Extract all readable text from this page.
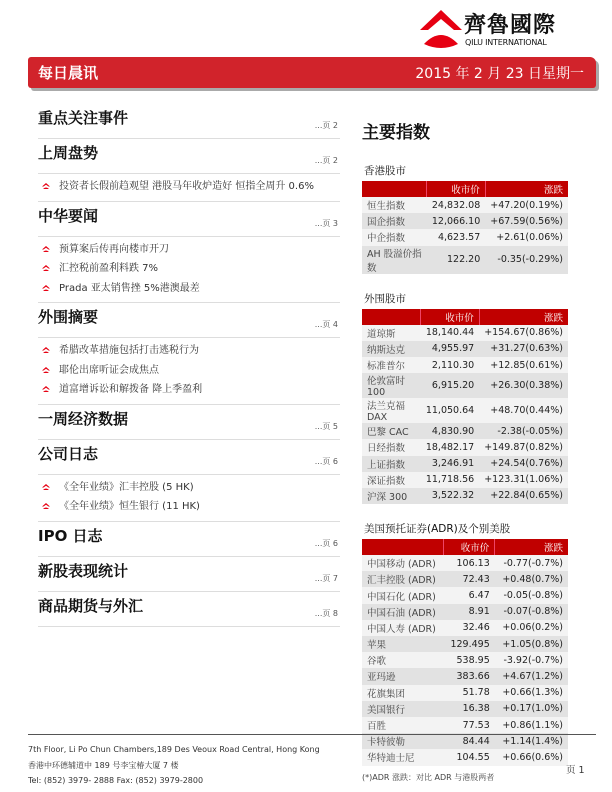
齊魯國際
QILU INTERNATIONAL
每日晨讯	2015 年 2 月 23 日星期一
重点关注事件	...页 2
上周盘势	...页 2
投资者长假前趋观望 港股马年收炉造好 恒指全周升 0.6%
中华要闻	...页 3
预算案后传再向楼市开刀
汇控税前盈利料跌 7%
Prada 亚太销售挫 5%港澳最差
外围摘要	...页 4
希腊改革措施包括打击逃税行为
耶伦出席听证会成焦点
道富增诉讼和解拨备 降上季盈利
一周经济数据	...页 5
公司日志	...页 6
《全年业绩》汇丰控股 (5 HK)
《全年业绩》恒生银行 (11 HK)
IPO 日志	...页 6
新股表现统计	...页 7
商品期货与外汇	...页 8
主要指数
香港股市
	收市价	涨跌
恒生指数	24,832.08	+47.20(0.19%)
国企指数	12,066.10	+67.59(0.56%)
中企指数	4,623.57	+2.61(0.06%)
AH 股溢价指数	122.20	-0.35(-0.29%)
外围股市
	收市价	涨跌
道琼斯	18,140.44	+154.67(0.86%)
纳斯达克	4,955.97	+31.27(0.63%)
标准普尔	2,110.30	+12.85(0.61%)
伦敦富时 100	6,915.20	+26.30(0.38%)
法兰克福 DAX	11,050.64	+48.70(0.44%)
巴黎 CAC	4,830.90	-2.38(-0.05%)
日经指数	18,482.17	+149.87(0.82%)
上证指数	3,246.91	+24.54(0.76%)
深证指数	11,718.56	+123.31(1.06%)
沪深 300	3,522.32	+22.84(0.65%)
美国预托证券(ADR)及个别美股
	收市价	涨跌
中国移动 (ADR)	106.13	-0.77(-0.7%)
汇丰控股 (ADR)	72.43	+0.48(0.7%)
中国石化 (ADR)	6.47	-0.05(-0.8%)
中国石油 (ADR)	8.91	-0.07(-0.8%)
中国人寿 (ADR)	32.46	+0.06(0.2%)
苹果	129.495	+1.05(0.8%)
谷歌	538.95	-3.92(-0.7%)
亚玛逊	383.66	+4.67(1.2%)
花旗集团	51.78	+0.66(1.3%)
美国银行	16.38	+0.17(1.0%)
百胜	77.53	+0.86(1.1%)
卡特彼勒	84.44	+1.14(1.4%)
华特迪士尼	104.55	+0.66(0.6%)
(*)ADR 涨跌：对比 ADR 与港股两者
7th Floor, Li Po Chun Chambers,189 Des Veoux Road Central, Hong Kong
香港中环德辅道中 189 号李宝椿大厦 7 楼
Tel: (852) 3979- 2888 Fax: (852) 3979-2800
页 1
